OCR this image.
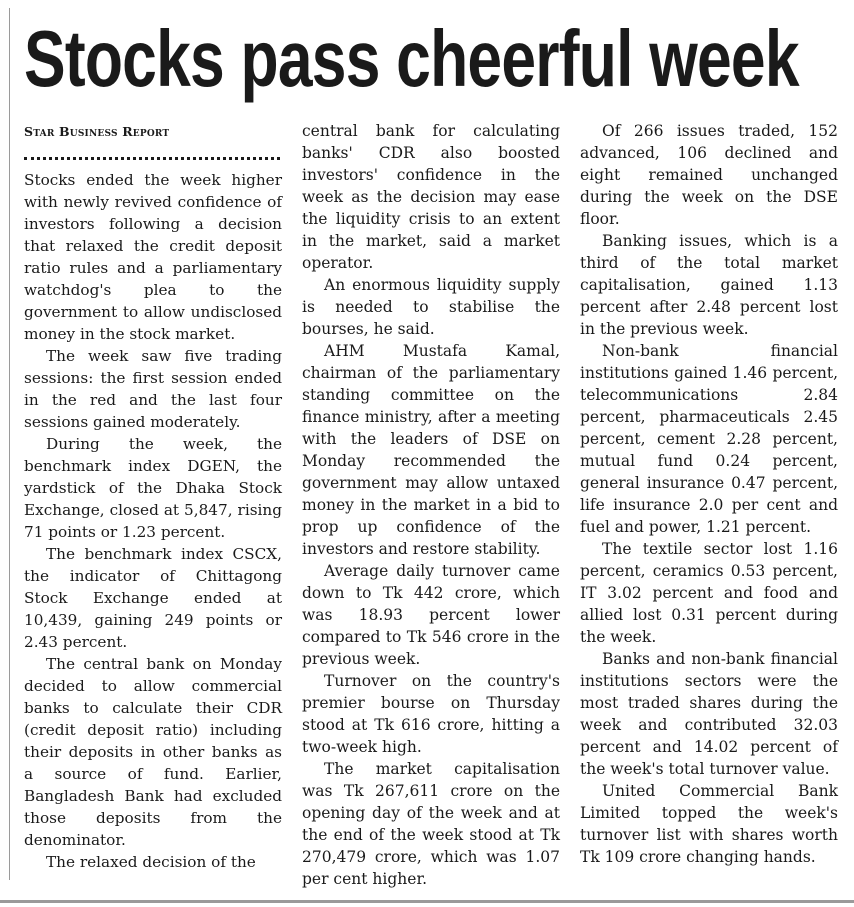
Stocks pass cheerful week
Star Business Report

Stocks ended the week higher with newly revived confidence of investors following a decision that relaxed the credit deposit ratio rules and a parliamentary watchdog's plea to the government to allow undisclosed money in the stock market.

The week saw five trading sessions: the first session ended in the red and the last four sessions gained moderately.

During the week, the benchmark index DGEN, the yardstick of the Dhaka Stock Exchange, closed at 5,847, rising 71 points or 1.23 percent.

The benchmark index CSCX, the indicator of Chittagong Stock Exchange ended at 10,439, gaining 249 points or 2.43 percent.

The central bank on Monday decided to allow commercial banks to calculate their CDR (credit deposit ratio) including their deposits in other banks as a source of fund. Earlier, Bangladesh Bank had excluded those deposits from the denominator.

The relaxed decision of the

central bank for calculating banks' CDR also boosted investors' confidence in the week as the decision may ease the liquidity crisis to an extent in the market, said a market operator.

An enormous liquidity supply is needed to stabilise the bourses, he said.

AHM Mustafa Kamal, chairman of the parliamentary standing committee on the finance ministry, after a meeting with the leaders of DSE on Monday recommended the government may allow untaxed money in the market in a bid to prop up confidence of the investors and restore stability.

Average daily turnover came down to Tk 442 crore, which was 18.93 percent lower compared to Tk 546 crore in the previous week.

Turnover on the country's premier bourse on Thursday stood at Tk 616 crore, hitting a two-week high.

The market capitalisation was Tk 267,611 crore on the opening day of the week and at the end of the week stood at Tk 270,479 crore, which was 1.07 per cent higher.

Of 266 issues traded, 152 advanced, 106 declined and eight remained unchanged during the week on the DSE floor.

Banking issues, which is a third of the total market capitalisation, gained 1.13 percent after 2.48 percent lost in the previous week.

Non-bank financial institutions gained 1.46 percent, telecommunications 2.84 percent, pharmaceuticals 2.45 percent, cement 2.28 percent, mutual fund 0.24 percent, general insurance 0.47 percent, life insurance 2.0 per cent and fuel and power, 1.21 percent.

The textile sector lost 1.16 percent, ceramics 0.53 percent, IT 3.02 percent and food and allied lost 0.31 percent during the week.

Banks and non-bank financial institutions sectors were the most traded shares during the week and contributed 32.03 percent and 14.02 percent of the week's total turnover value.

United Commercial Bank Limited topped the week's turnover list with shares worth Tk 109 crore changing hands.
